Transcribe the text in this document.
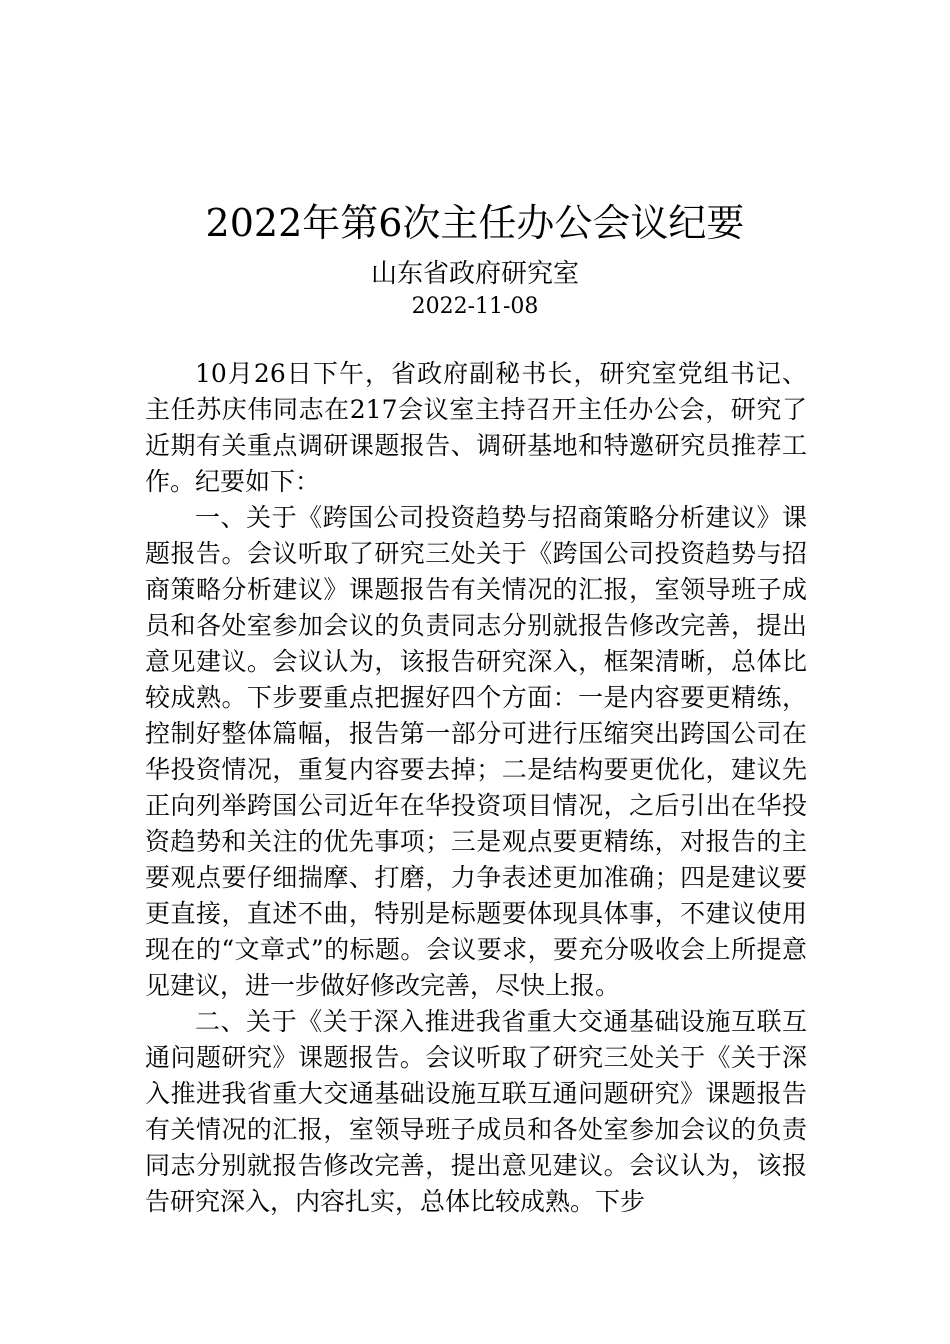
2022年第6次主任办公会议纪要
山东省政府研究室
2022-11-08

10月26日下午，省政府副秘书长，研究室党组书记、主任苏庆伟同志在217会议室主持召开主任办公会，研究了近期有关重点调研课题报告、调研基地和特邀研究员推荐工作。纪要如下：

一、关于《跨国公司投资趋势与招商策略分析建议》课题报告。会议听取了研究三处关于《跨国公司投资趋势与招商策略分析建议》课题报告有关情况的汇报，室领导班子成员和各处室参加会议的负责同志分别就报告修改完善，提出意见建议。会议认为，该报告研究深入，框架清晰，总体比较成熟。下步要重点把握好四个方面：一是内容要更精练，控制好整体篇幅，报告第一部分可进行压缩突出跨国公司在华投资情况，重复内容要去掉；二是结构要更优化，建议先正向列举跨国公司近年在华投资项目情况，之后引出在华投资趋势和关注的优先事项；三是观点要更精练，对报告的主要观点要仔细揣摩、打磨，力争表述更加准确；四是建议要更直接，直述不曲，特别是标题要体现具体事，不建议使用现在的“文章式”的标题。会议要求，要充分吸收会上所提意见建议，进一步做好修改完善，尽快上报。

二、关于《关于深入推进我省重大交通基础设施互联互通问题研究》课题报告。会议听取了研究三处关于《关于深入推进我省重大交通基础设施互联互通问题研究》课题报告有关情况的汇报，室领导班子成员和各处室参加会议的负责同志分别就报告修改完善，提出意见建议。会议认为，该报告研究深入，内容扎实，总体比较成熟。下步
